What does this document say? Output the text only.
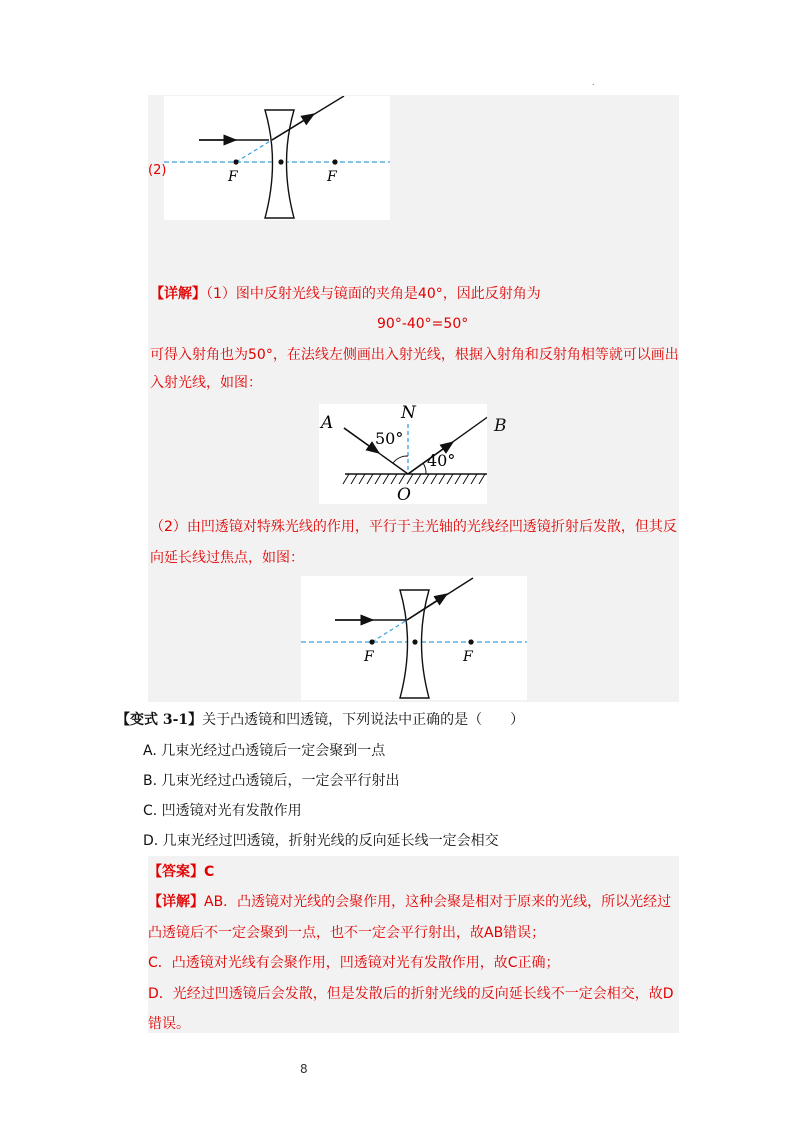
.
F	F
(2)
【详解】（1）图中反射光线与镜面的夹角是40°，因此反射角为
90°-40°=50°
可得入射角也为50°，在法线左侧画出入射光线，根据入射角和反射角相等就可以画出
入射光线，如图：
A	N
O
50°
40°
B
（2）由凹透镜对特殊光线的作用，平行于主光轴的光线经凹透镜折射后发散，但其反
向延长线过焦点，如图：
F	F
【变式 3-1】关于凸透镜和凹透镜，下列说法中正确的是（　　）
A. 几束光经过凸透镜后一定会聚到一点
B. 几束光经过凸透镜后，一定会平行射出
C. 凹透镜对光有发散作用
D. 几束光经过凹透镜，折射光线的反向延长线一定会相交
【答案】C
【详解】AB．凸透镜对光线的会聚作用，这种会聚是相对于原来的光线，所以光经过
凸透镜后不一定会聚到一点，也不一定会平行射出，故AB错误；
C．凸透镜对光线有会聚作用，凹透镜对光有发散作用，故C正确；
D．光经过凹透镜后会发散，但是发散后的折射光线的反向延长线不一定会相交，故D
错误。
8
